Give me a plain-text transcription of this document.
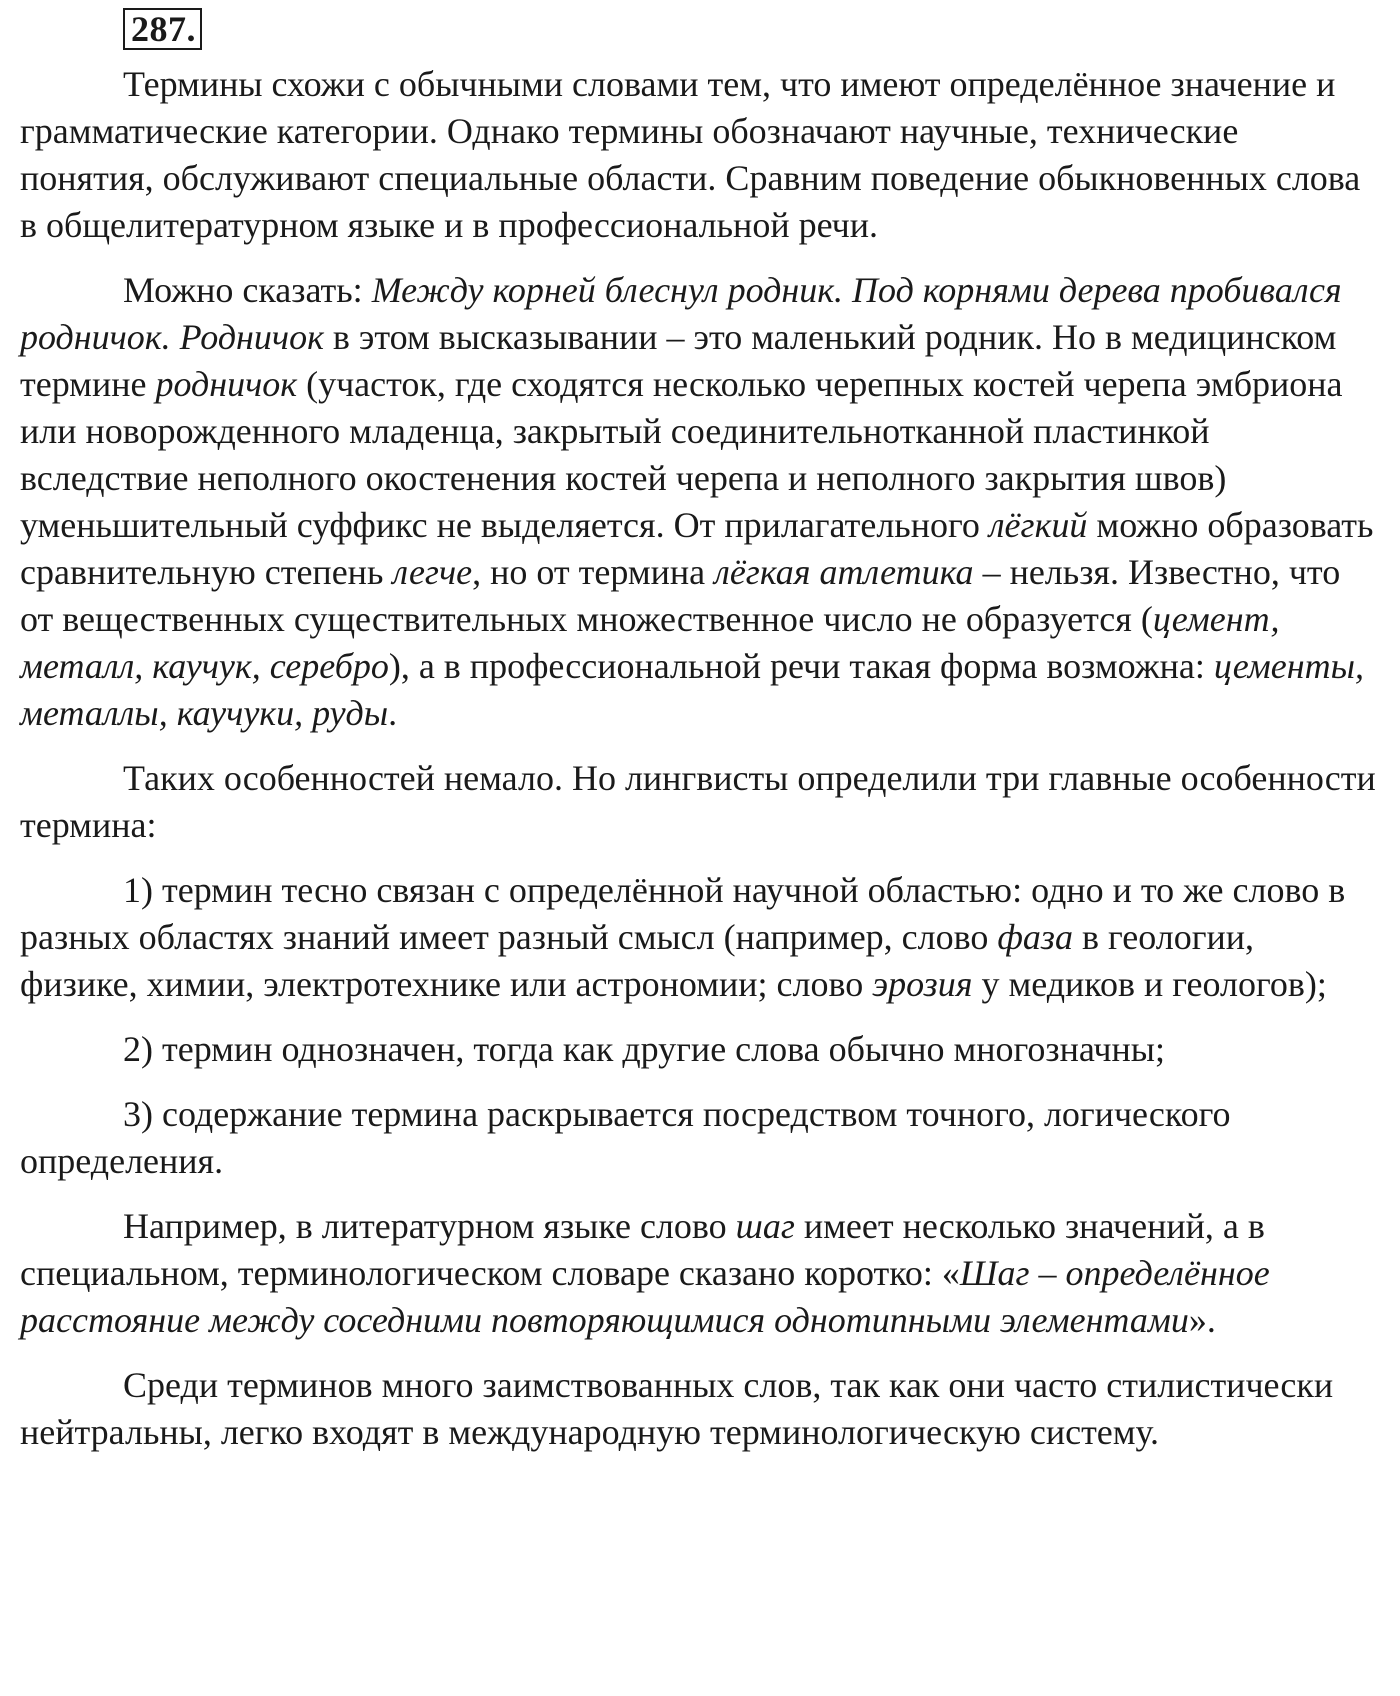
287.

Термины схожи с обычными словами тем, что имеют определённое значение и грамматические категории. Однако термины обозначают научные, технические понятия, обслуживают специальные области. Сравним поведение обыкновенных слова в общелитературном языке и в профессиональной речи.

Можно сказать: Между корней блеснул родник. Под корнями дерева пробивался родничок. Родничок в этом высказывании – это маленький родник. Но в медицинском термине родничок (участок, где сходятся несколько черепных костей черепа эмбриона или новорожденного младенца, закрытый соединительнотканной пластинкой вследствие неполного окостенения костей черепа и неполного закрытия швов) уменьшительный суффикс не выделяется. От прилагательного лёгкий можно образовать сравнительную степень легче, но от термина лёгкая атлетика – нельзя. Известно, что от вещественных существительных множественное число не образуется (цемент, металл, каучук, серебро), а в профессиональной речи такая форма возможна: цементы, металлы, каучуки, руды.

Таких особенностей немало. Но лингвисты определили три главные особенности термина:

1) термин тесно связан с определённой научной областью: одно и то же слово в разных областях знаний имеет разный смысл (например, слово фаза в геологии, физике, химии, электротехнике или астрономии; слово эрозия у медиков и геологов);

2) термин однозначен, тогда как другие слова обычно многозначны;

3) содержание термина раскрывается посредством точного, логического определения.

Например, в литературном языке слово шаг имеет несколько значений, а в специальном, терминологическом словаре сказано коротко: «Шаг – определённое расстояние между соседними повторяющимися однотипными элементами».

Среди терминов много заимствованных слов, так как они часто стилистически нейтральны, легко входят в международную терминологическую систему.
